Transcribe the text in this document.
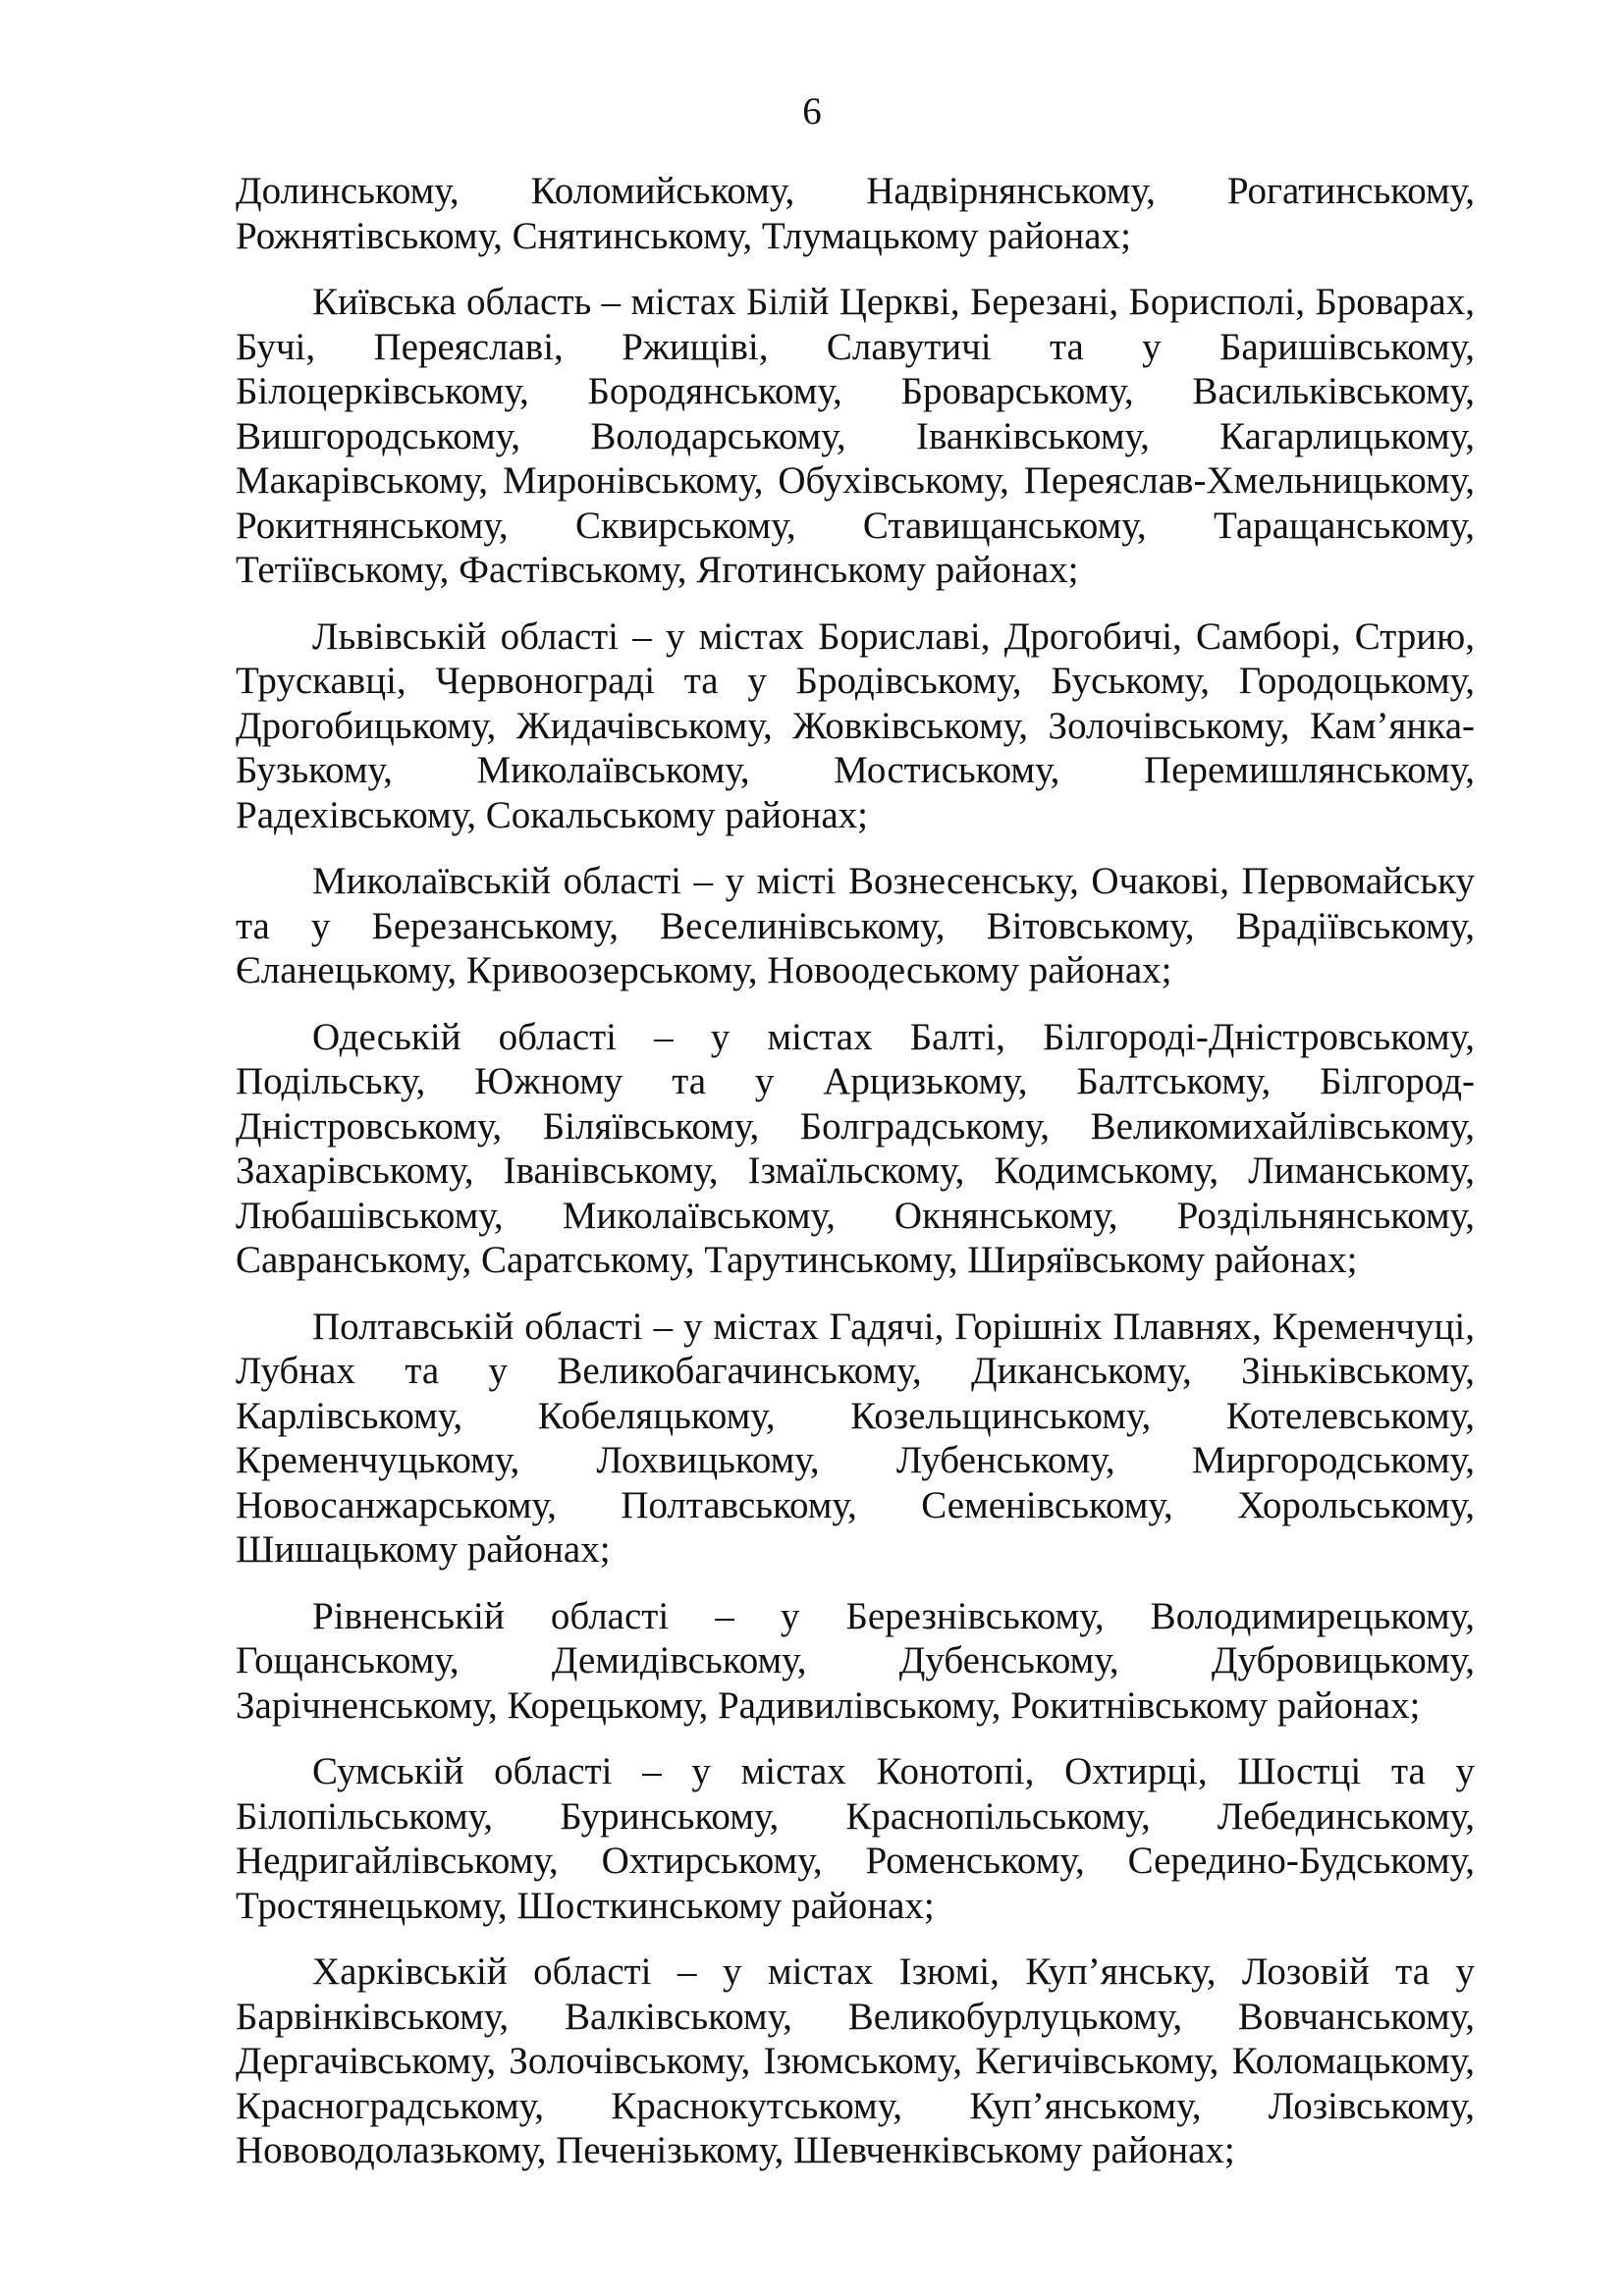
6

Долинському, Коломийському, Надвірнянському, Рогатинському, Рожнятівському, Снятинському, Тлумацькому районах;

Київська область – містах Білій Церкві, Березані, Борисполі, Броварах, Бучі, Переяславі, Ржищіві, Славутичі та у Баришівському, Білоцерківському, Бородянському, Броварському, Васильківському, Вишгородському, Володарському, Іванківському, Кагарлицькому, Макарівському, Миронівському, Обухівському, Переяслав-Хмельницькому, Рокитнянському, Сквирському, Ставищанському, Таращанському, Тетіївському, Фастівському, Яготинському районах;

Львівській області – у містах Бориславі, Дрогобичі, Самборі, Стрию, Трускавці, Червонограді та у Бродівському, Буському, Городоцькому, Дрогобицькому, Жидачівському, Жовківському, Золочівському, Кам’янка-Бузькому, Миколаївському, Мостиському, Перемишлянському, Радехівському, Сокальському районах;

Миколаївській області – у місті Вознесенську, Очакові, Первомайську та у Березанському, Веселинівському, Вітовському, Врадіївському, Єланецькому, Кривоозерському, Новоодеському районах;

Одеській області – у містах Балті, Білгороді-Дністровському, Подільську, Южному та у Арцизькому, Балтському, Білгород-Дністровському, Біляївському, Болградському, Великомихайлівському, Захарівському, Іванівському, Ізмаїльскому, Кодимському, Лиманському, Любашівському, Миколаївському, Окнянському, Роздільнянському, Савранському, Саратському, Тарутинському, Ширяївському районах;

Полтавській області – у містах Гадячі, Горішніх Плавнях, Кременчуці, Лубнах та у Великобагачинському, Диканському, Зіньківському, Карлівському, Кобеляцькому, Козельщинському, Котелевському, Кременчуцькому, Лохвицькому, Лубенському, Миргородському, Новосанжарському, Полтавському, Семенівському, Хорольському, Шишацькому районах;

Рівненській області – у Березнівському, Володимирецькому, Гощанському, Демидівському, Дубенському, Дубровицькому, Зарічненському, Корецькому, Радивилівському, Рокитнівському районах;

Сумській області – у містах Конотопі, Охтирці, Шостці та у Білопільському, Буринському, Краснопільському, Лебединському, Недригайлівському, Охтирському, Роменському, Середино-Будському, Тростянецькому, Шосткинському районах;

Харківській області – у містах Ізюмі, Куп’янську, Лозовій та у Барвінківському, Валківському, Великобурлуцькому, Вовчанському, Дергачівському, Золочівському, Ізюмському, Кегичівському, Коломацькому, Красноградському, Краснокутському, Куп’янському, Лозівському, Нововодолазькому, Печенізькому, Шевченківському районах;
